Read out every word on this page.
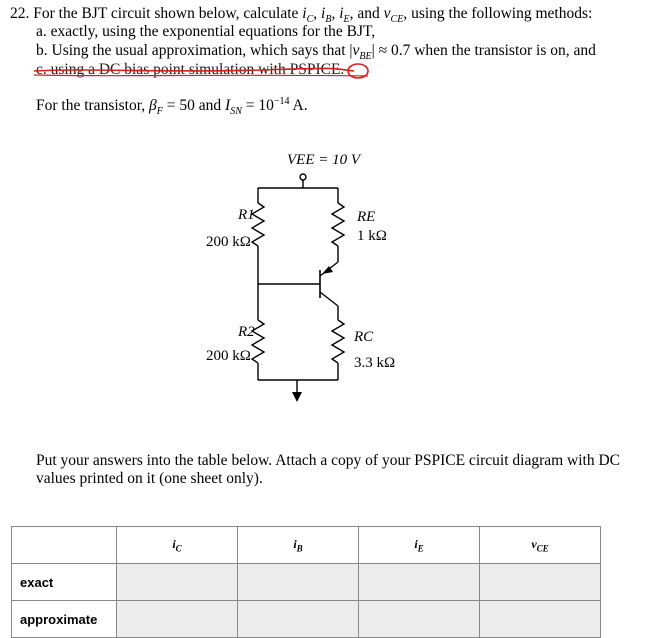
22. For the BJT circuit shown below, calculate $i_C$, $i_B$, $i_E$, and $v_{CE}$, using the following methods:
a. exactly, using the exponential equations for the BJT,
b. Using the usual approximation, which says that $|v_{BE}| \approx 0.7$ when the transistor is on, and
c. using a DC bias point simulation with PSPICE.
For the transistor, $\beta_F = 50$ and $I_{SN} = 10^{-14}$ A.
VEE = 10 V
R1
200 kΩ
RE
1 kΩ
R2
200 kΩ
RC
3.3 kΩ
Put your answers into the table below. Attach a copy of your PSPICE circuit diagram with DC
values printed on it (one sheet only).
	$i_C$	$i_B$	$i_E$	$v_{CE}$
exact				
approximate				
